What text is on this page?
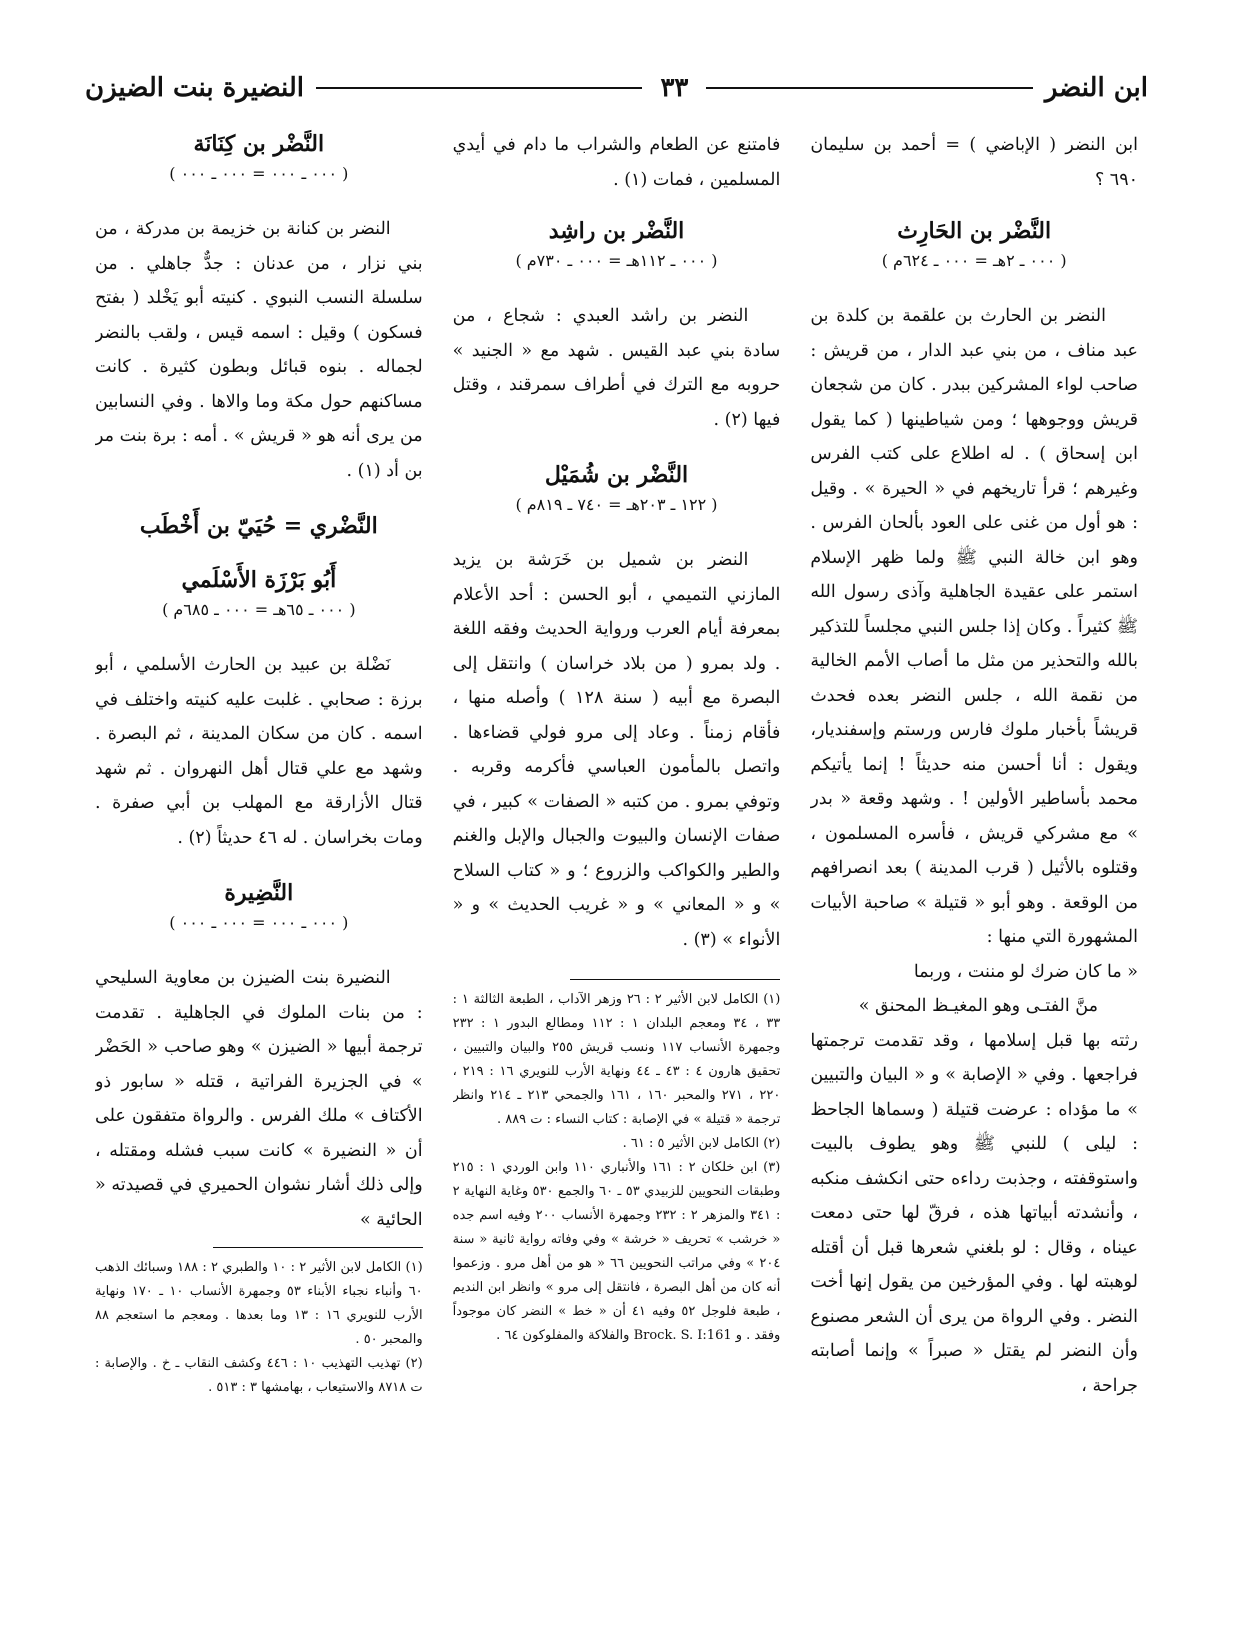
ابن النضر
٣٣
النضيرة بنت الضيزن

ابن النضر ( الإباضي ) = أحمد بن سليمان ٦٩٠ ؟

النَّضْر بن الحَارِث
( ٠٠٠ ـ ٢هـ = ٠٠٠ ـ ٦٢٤م )

النضر بن الحارث بن علقمة بن كلدة بن عبد مناف ، من بني عبد الدار ، من قريش : صاحب لواء المشركين ببدر . كان من شجعان قريش ووجوهها ؛ ومن شياطينها ( كما يقول ابن إسحاق ) . له اطلاع على كتب الفرس وغيرهم ؛ قرأ تاريخهم في « الحيرة » . وقيل : هو أول من غنى على العود بألحان الفرس . وهو ابن خالة النبي ﷺ ولما ظهر الإسلام استمر على عقيدة الجاهلية وآذى رسول الله ﷺ كثيراً . وكان إذا جلس النبي مجلساً للتذكير بالله والتحذير من مثل ما أصاب الأمم الخالية من نقمة الله ، جلس النضر بعده فحدث قريشاً بأخبار ملوك فارس ورستم وإسفنديار، ويقول : أنا أحسن منه حديثاً ! إنما يأتيكم محمد بأساطير الأولين ! . وشهد وقعة « بدر » مع مشركي قريش ، فأسره المسلمون ، وقتلوه بالأثيل ( قرب المدينة ) بعد انصرافهم من الوقعة . وهو أبو « قتيلة » صاحبة الأبيات المشهورة التي منها :

« ما كان ضرك لو مننت ، وربما

منَّ الفتـى وهو المغيـظ المحنق »

رثته بها قبل إسلامها ، وقد تقدمت ترجمتها فراجعها . وفي « الإصابة » و « البيان والتبيين » ما مؤداه : عرضت قتيلة ( وسماها الجاحظ : ليلى ) للنبي ﷺ وهو يطوف بالبيت واستوقفته ، وجذبت رداءه حتى انكشف منكبه ، وأنشدته أبياتها هذه ، فرقّ لها حتى دمعت عيناه ، وقال : لو بلغني شعرها قبل أن أقتله لوهبته لها . وفي المؤرخين من يقول إنها أخت النضر . وفي الرواة من يرى أن الشعر مصنوع وأن النضر لم يقتل « صبراً » وإنما أصابته جراحة ،

فامتنع عن الطعام والشراب ما دام في أيدي المسلمين ، فمات (١) .

النَّضْر بن راشِد
( ٠٠٠ ـ ١١٢هـ = ٠٠٠ ـ ٧٣٠م )

النضر بن راشد العبدي : شجاع ، من سادة بني عبد القيس . شهد مع « الجنيد » حروبه مع الترك في أطراف سمرقند ، وقتل فيها (٢) .

النَّضْر بن شُمَيْل
( ١٢٢ ـ ٢٠٣هـ = ٧٤٠ ـ ٨١٩م )

النضر بن شميل بن خَرَشة بن يزيد المازني التميمي ، أبو الحسن : أحد الأعلام بمعرفة أيام العرب ورواية الحديث وفقه اللغة . ولد بمرو ( من بلاد خراسان ) وانتقل إلى البصرة مع أبيه ( سنة ١٢٨ ) وأصله منها ، فأقام زمناً . وعاد إلى مرو فولي قضاءها . واتصل بالمأمون العباسي فأكرمه وقربه . وتوفي بمرو . من كتبه « الصفات » كبير ، في صفات الإنسان والبيوت والجبال والإبل والغنم والطير والكواكب والزروع ؛ و « كتاب السلاح » و « المعاني » و « غريب الحديث » و « الأنواء » (٣) .

(١) الكامل لابن الأثير ٢ : ٢٦ وزهر الآداب ، الطبعة الثالثة ١ : ٣٣ ، ٣٤ ومعجم البلدان ١ : ١١٢ ومطالع البدور ١ : ٢٣٢ وجمهرة الأنساب ١١٧ ونسب قريش ٢٥٥ والبيان والتبيين ، تحقيق هارون ٤ : ٤٣ ـ ٤٤ ونهاية الأرب للنويري ١٦ : ٢١٩ ، ٢٢٠ ، ٢٧١ والمحبر ١٦٠ ، ١٦١ والجمحي ٢١٣ ـ ٢١٤ وانظر ترجمة « قتيلة » في الإصابة : كتاب النساء : ت ٨٨٩ .

(٢) الكامل لابن الأثير ٥ : ٦١ .

(٣) ابن خلكان ٢ : ١٦١ والأنباري ١١٠ وابن الوردي ١ : ٢١٥ وطبقات النحويين للزبيدي ٥٣ ـ ٦٠ والجمع ٥٣٠ وغاية النهاية ٢ : ٣٤١ والمزهر ٢ : ٢٣٢ وجمهرة الأنساب ٢٠٠ وفيه اسم جده « خرشب » تحريف « خرشة » وفي وفاته رواية ثانية « سنة ٢٠٤ » وفي مراتب النحويين ٦٦ « هو من أهل مرو . وزعموا أنه كان من أهل البصرة ، فانتقل إلى مرو » وانظر ابن النديم ، طبعة فلوجل ٥٢ وفيه ٤١ أن « خط » النضر كان موجوداً وفقد . و Brock. S. I:161 والفلاكة والمفلوكون ٦٤ .

النَّضْر بن كِنَانَة
( ٠٠٠ ـ ٠٠٠ = ٠٠٠ ـ ٠٠٠ )

النضر بن كنانة بن خزيمة بن مدركة ، من بني نزار ، من عدنان : جدٌّ جاهلي . من سلسلة النسب النبوي . كنيته أبو يَخْلد ( بفتح فسكون ) وقيل : اسمه قيس ، ولقب بالنضر لجماله . بنوه قبائل وبطون كثيرة . كانت مساكنهم حول مكة وما والاها . وفي النسابين من يرى أنه هو « قريش » . أمه : برة بنت مر بن أد (١) .

النَّضْري = حُيَيّ بن أَخْطَب
أَبُو بَرْزَة الأَسْلَمي
( ٠٠٠ ـ ٦٥هـ = ٠٠٠ ـ ٦٨٥م )

نَضْلة بن عبيد بن الحارث الأسلمي ، أبو برزة : صحابي . غلبت عليه كنيته واختلف في اسمه . كان من سكان المدينة ، ثم البصرة . وشهد مع علي قتال أهل النهروان . ثم شهد قتال الأزارقة مع المهلب بن أبي صفرة . ومات بخراسان . له ٤٦ حديثاً (٢) .

النَّضِيرة
( ٠٠٠ ـ ٠٠٠ = ٠٠٠ ـ ٠٠٠ )

النضيرة بنت الضيزن بن معاوية السليحي : من بنات الملوك في الجاهلية . تقدمت ترجمة أبيها « الضيزن » وهو صاحب « الحَضْر » في الجزيرة الفراتية ، قتله « سابور ذو الأكتاف » ملك الفرس . والرواة متفقون على أن « النضيرة » كانت سبب فشله ومقتله ، وإلى ذلك أشار نشوان الحميري في قصيدته « الحائية »

(١) الكامل لابن الأثير ٢ : ١٠ والطبري ٢ : ١٨٨ وسبائك الذهب ٦٠ وأنباء نجباء الأبناء ٥٣ وجمهرة الأنساب ١٠ ـ ١٧٠ ونهاية الأرب للنويري ١٦ : ١٣ وما بعدها . ومعجم ما استعجم ٨٨ والمحبر ٥٠ .

(٢) تهذيب التهذيب ١٠ : ٤٤٦ وكشف النقاب ـ خ . والإصابة : ت ٨٧١٨ والاستيعاب ، بهامشها ٣ : ٥١٣ .
